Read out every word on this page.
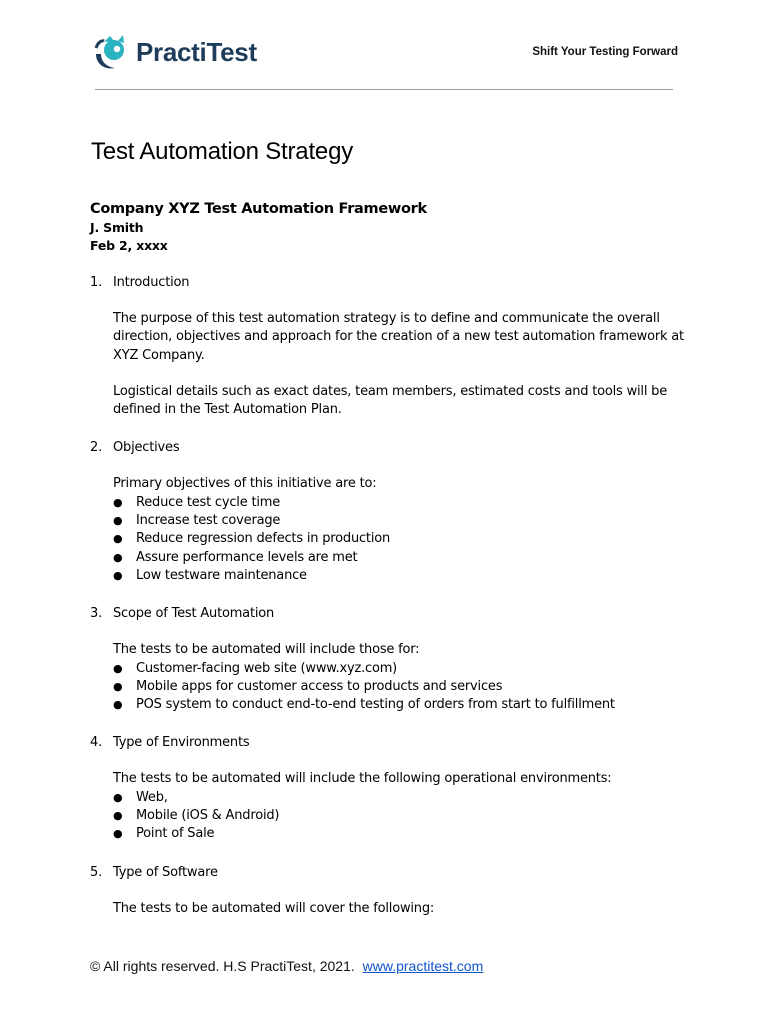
PractiTest	Shift Your Testing Forward
Test Automation Strategy

Company XYZ Test Automation Framework

J. Smith

Feb 2, xxxx

1. Introduction

The purpose of this test automation strategy is to define and communicate the overall direction, objectives and approach for the creation of a new test automation framework at XYZ Company.

Logistical details such as exact dates, team members, estimated costs and tools will be defined in the Test Automation Plan.

2. Objectives
Primary objectives of this initiative are to:
●	Reduce test cycle time
●	Increase test coverage
●	Reduce regression defects in production
●	Assure performance levels are met
●	Low testware maintenance
3. Scope of Test Automation
The tests to be automated will include those for:
●	Customer-facing web site (www.xyz.com)
●	Mobile apps for customer access to products and services
●	POS system to conduct end-to-end testing of orders from start to fulfillment
4. Type of Environments
The tests to be automated will include the following operational environments:
●	Web,
●	Mobile (iOS & Android)
●	Point of Sale
5. Type of Software
The tests to be automated will cover the following:
© All rights reserved. H.S PractiTest, 2021. www.practitest.com
